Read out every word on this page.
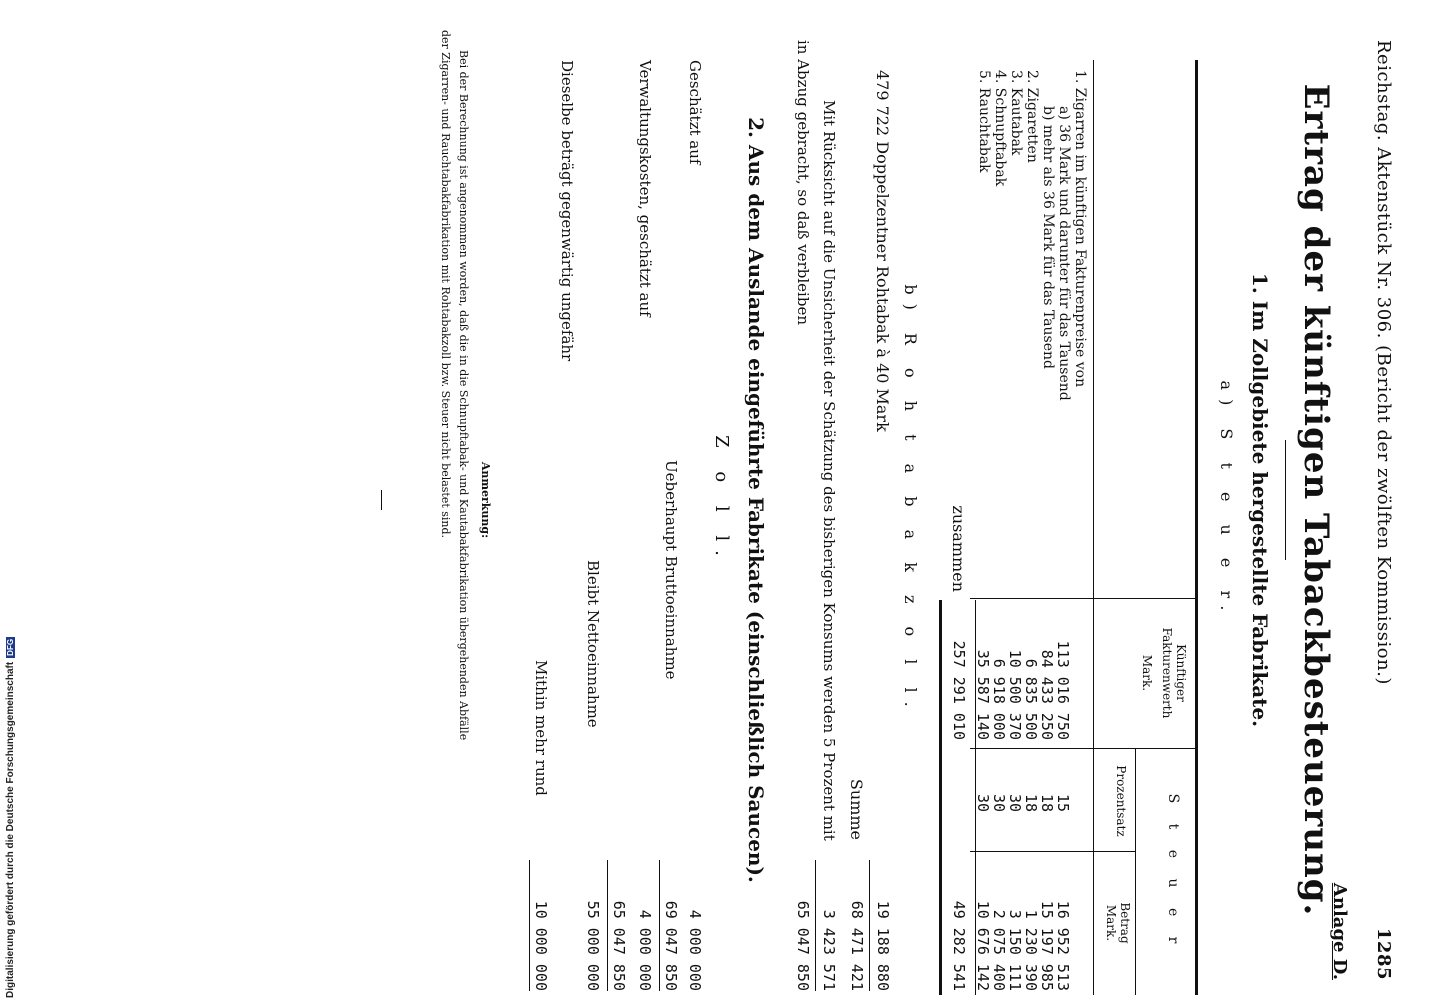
Reichstag. Aktenstück Nr. 306. (Bericht der zwölften Kommission.)
1285
Anlage D.
Ertrag der künftigen Tabackbesteuerung.
1. Im Zollgebiete hergestellte Fabrikate.
a) S t e u e r.
Künftiger Fakturenwerth
Mark.
S t e u e r
Prozentsatz
Betrag
Mark.
zusammen
257 291 010
49 282 541
b) R o h t a b a k z o l l.
479 722 Doppelzentner Rohtabak à 40 Mark
19 188 880
Summe
68 471 421
Mit Rücksicht auf die Unsicherheit der Schätzung des bisherigen Konsums werden 5 Prozent mit
3 423 571
in Abzug gebracht, so daß verbleiben
65 047 850
2. Aus dem Auslande eingeführte Fabrikate (einschließlich Saucen).
Z o l l.
Anmerkung:
Bei der Berechnung ist angenommen worden, daß die in die Schnupftabak- und Kautabakfabrikation übergehenden Abfälle
der Zigarren- und Rauchtabakfabrikation mit Rohtabakzoll bzw. Steuer nicht belastet sind.	1. Zigarren im künftigen Fakturenpreise von
a) 36 Mark und darunter für das Tausend
113 016 750
15
16 952 513
b) mehr als 36 Mark für das Tausend
84 433 250
18
15 197 985
2. Zigaretten
6 835 500
18
1 230 390
3. Kautabak
10 500 370
30
3 150 111
4. Schnupftabak
6 918 000
30
2 075 400
5. Rauchtabak
35 587 140
30
10 676 142
Geschätzt auf
4 000 000
Ueberhaupt Bruttoeinnahme
69 047 850
Verwaltungskosten, geschätzt auf
4 000 000
65 047 850
Bleibt Nettoeinnahme
55 000 000
Dieselbe beträgt gegenwärtig ungefähr
Mithin mehr rund
10 000 000
Digitalisierung gefördert durch die Deutsche Forschungsgemeinschaft
DFG
